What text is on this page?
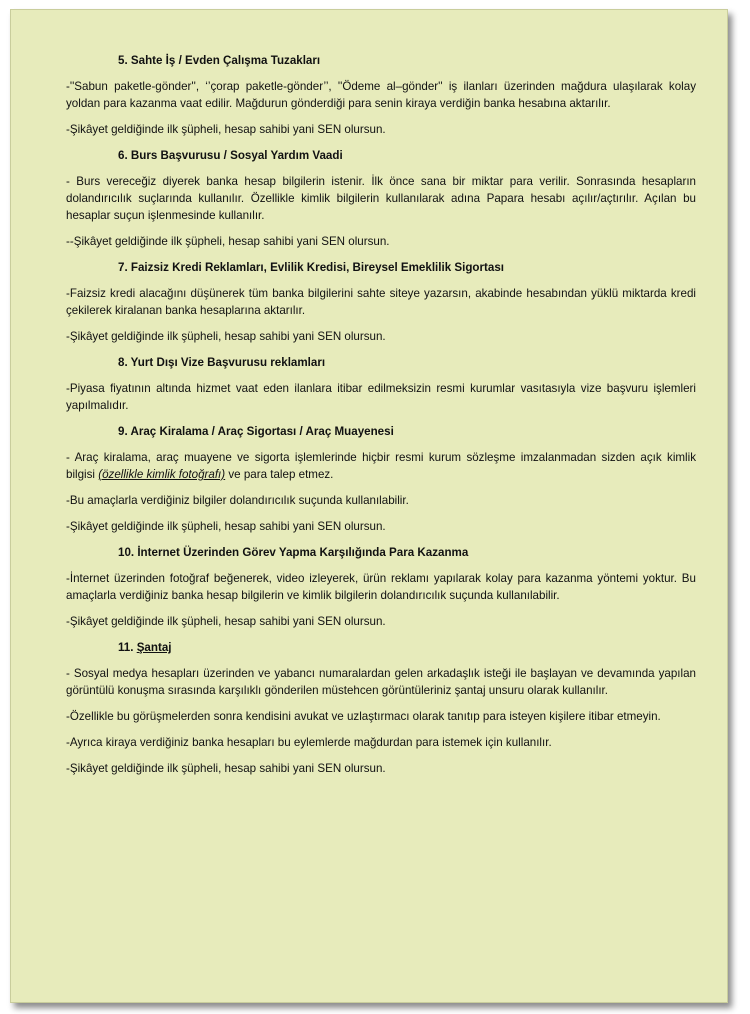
5. Sahte İş / Evden Çalışma Tuzakları
-''Sabun paketle-gönder'', ‘’çorap paketle-gönder’’, ''Ödeme al–gönder'' iş ilanları üzerinden mağdura ulaşılarak kolay yoldan para kazanma vaat edilir. Mağdurun gönderdiği para senin kiraya verdiğin banka hesabına aktarılır.
-Şikâyet geldiğinde ilk şüpheli, hesap sahibi yani SEN olursun.
6. Burs Başvurusu / Sosyal Yardım Vaadi
- Burs vereceğiz diyerek banka hesap bilgilerin istenir. İlk önce sana bir miktar para verilir. Sonrasında hesapların dolandırıcılık suçlarında kullanılır. Özellikle kimlik bilgilerin kullanılarak adına Papara hesabı açılır/açtırılır. Açılan bu hesaplar suçun işlenmesinde kullanılır.
--Şikâyet geldiğinde ilk şüpheli, hesap sahibi yani SEN olursun.
7. Faizsiz Kredi Reklamları, Evlilik Kredisi, Bireysel Emeklilik Sigortası
-Faizsiz kredi alacağını düşünerek tüm banka bilgilerini sahte siteye yazarsın, akabinde hesabından yüklü miktarda kredi çekilerek kiralanan banka hesaplarına aktarılır.
-Şikâyet geldiğinde ilk şüpheli, hesap sahibi yani SEN olursun.
8. Yurt Dışı Vize Başvurusu reklamları
-Piyasa fiyatının altında hizmet vaat eden ilanlara itibar edilmeksizin resmi kurumlar vasıtasıyla vize başvuru işlemleri yapılmalıdır.
9. Araç Kiralama / Araç Sigortası / Araç Muayenesi
- Araç kiralama, araç muayene ve sigorta işlemlerinde hiçbir resmi kurum sözleşme imzalanmadan sizden açık kimlik bilgisi (özellikle kimlik fotoğrafı) ve para talep etmez.
-Bu amaçlarla verdiğiniz bilgiler dolandırıcılık suçunda kullanılabilir.
-Şikâyet geldiğinde ilk şüpheli, hesap sahibi yani SEN olursun.
10. İnternet Üzerinden Görev Yapma Karşılığında Para Kazanma
-İnternet üzerinden fotoğraf beğenerek, video izleyerek, ürün reklamı yapılarak kolay para kazanma yöntemi yoktur. Bu amaçlarla verdiğiniz banka hesap bilgilerin ve kimlik bilgilerin dolandırıcılık suçunda kullanılabilir.
-Şikâyet geldiğinde ilk şüpheli, hesap sahibi yani SEN olursun.
11. Şantaj
- Sosyal medya hesapları üzerinden ve yabancı numaralardan gelen arkadaşlık isteği ile başlayan ve devamında yapılan görüntülü konuşma sırasında karşılıklı gönderilen müstehcen görüntüleriniz şantaj unsuru olarak kullanılır.
-Özellikle bu görüşmelerden sonra kendisini avukat ve uzlaştırmacı olarak tanıtıp para isteyen kişilere itibar etmeyin.
-Ayrıca kiraya verdiğiniz banka hesapları bu eylemlerde mağdurdan para istemek için kullanılır.
-Şikâyet geldiğinde ilk şüpheli, hesap sahibi yani SEN olursun.
